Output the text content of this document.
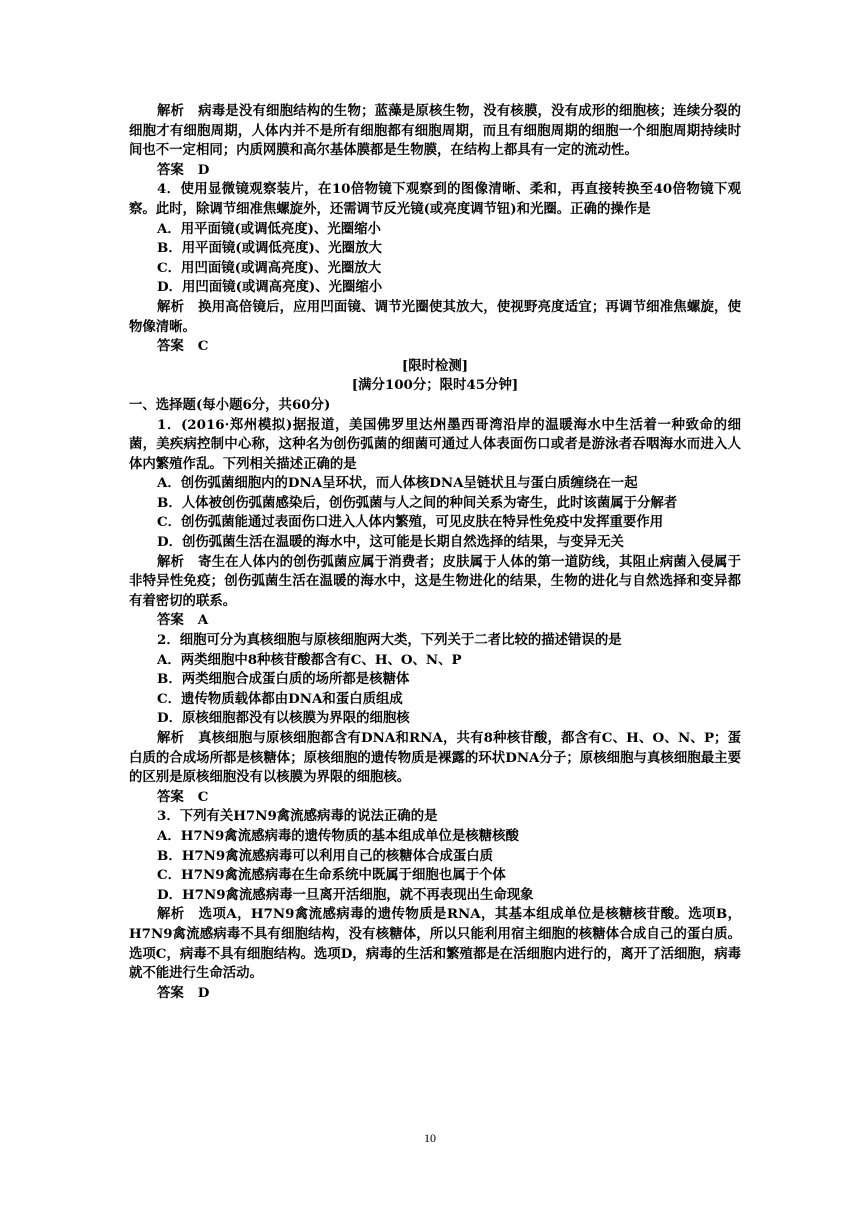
解析 病毒是没有细胞结构的生物；蓝藻是原核生物，没有核膜，没有成形的细胞核；连续分裂的细胞才有细胞周期，人体内并不是所有细胞都有细胞周期，而且有细胞周期的细胞一个细胞周期持续时间也不一定相同；内质网膜和高尔基体膜都是生物膜，在结构上都具有一定的流动性。

答案 D

4．使用显微镜观察装片，在10倍物镜下观察到的图像清晰、柔和，再直接转换至40倍物镜下观察。此时，除调节细准焦螺旋外，还需调节反光镜(或亮度调节钮)和光圈。正确的操作是

A．用平面镜(或调低亮度)、光圈缩小

B．用平面镜(或调低亮度)、光圈放大

C．用凹面镜(或调高亮度)、光圈放大

D．用凹面镜(或调高亮度)、光圈缩小

解析 换用高倍镜后，应用凹面镜、调节光圈使其放大，使视野亮度适宜；再调节细准焦螺旋，使物像清晰。

答案 C

[限时检测]

[满分100分；限时45分钟]

一、选择题(每小题6分，共60分)

1．(2016·郑州模拟)据报道，美国佛罗里达州墨西哥湾沿岸的温暖海水中生活着一种致命的细菌，美疾病控制中心称，这种名为创伤弧菌的细菌可通过人体表面伤口或者是游泳者吞咽海水而进入人体内繁殖作乱。下列相关描述正确的是

A．创伤弧菌细胞内的DNA呈环状，而人体核DNA呈链状且与蛋白质缠绕在一起

B．人体被创伤弧菌感染后，创伤弧菌与人之间的种间关系为寄生，此时该菌属于分解者

C．创伤弧菌能通过表面伤口进入人体内繁殖，可见皮肤在特异性免疫中发挥重要作用

D．创伤弧菌生活在温暖的海水中，这可能是长期自然选择的结果，与变异无关

解析 寄生在人体内的创伤弧菌应属于消费者；皮肤属于人体的第一道防线，其阻止病菌入侵属于非特异性免疫；创伤弧菌生活在温暖的海水中，这是生物进化的结果，生物的进化与自然选择和变异都有着密切的联系。

答案 A

2．细胞可分为真核细胞与原核细胞两大类，下列关于二者比较的描述错误的是

A．两类细胞中8种核苷酸都含有C、H、O、N、P

B．两类细胞合成蛋白质的场所都是核糖体

C．遗传物质载体都由DNA和蛋白质组成

D．原核细胞都没有以核膜为界限的细胞核

解析 真核细胞与原核细胞都含有DNA和RNA，共有8种核苷酸，都含有C、H、O、N、P；蛋白质的合成场所都是核糖体；原核细胞的遗传物质是裸露的环状DNA分子；原核细胞与真核细胞最主要的区别是原核细胞没有以核膜为界限的细胞核。

答案 C

3．下列有关H7N9禽流感病毒的说法正确的是

A．H7N9禽流感病毒的遗传物质的基本组成单位是核糖核酸

B．H7N9禽流感病毒可以利用自己的核糖体合成蛋白质

C．H7N9禽流感病毒在生命系统中既属于细胞也属于个体

D．H7N9禽流感病毒一旦离开活细胞，就不再表现出生命现象

解析 选项A，H7N9禽流感病毒的遗传物质是RNA，其基本组成单位是核糖核苷酸。选项B，H7N9禽流感病毒不具有细胞结构，没有核糖体，所以只能利用宿主细胞的核糖体合成自己的蛋白质。选项C，病毒不具有细胞结构。选项D，病毒的生活和繁殖都是在活细胞内进行的，离开了活细胞，病毒就不能进行生命活动。

答案 D

10
